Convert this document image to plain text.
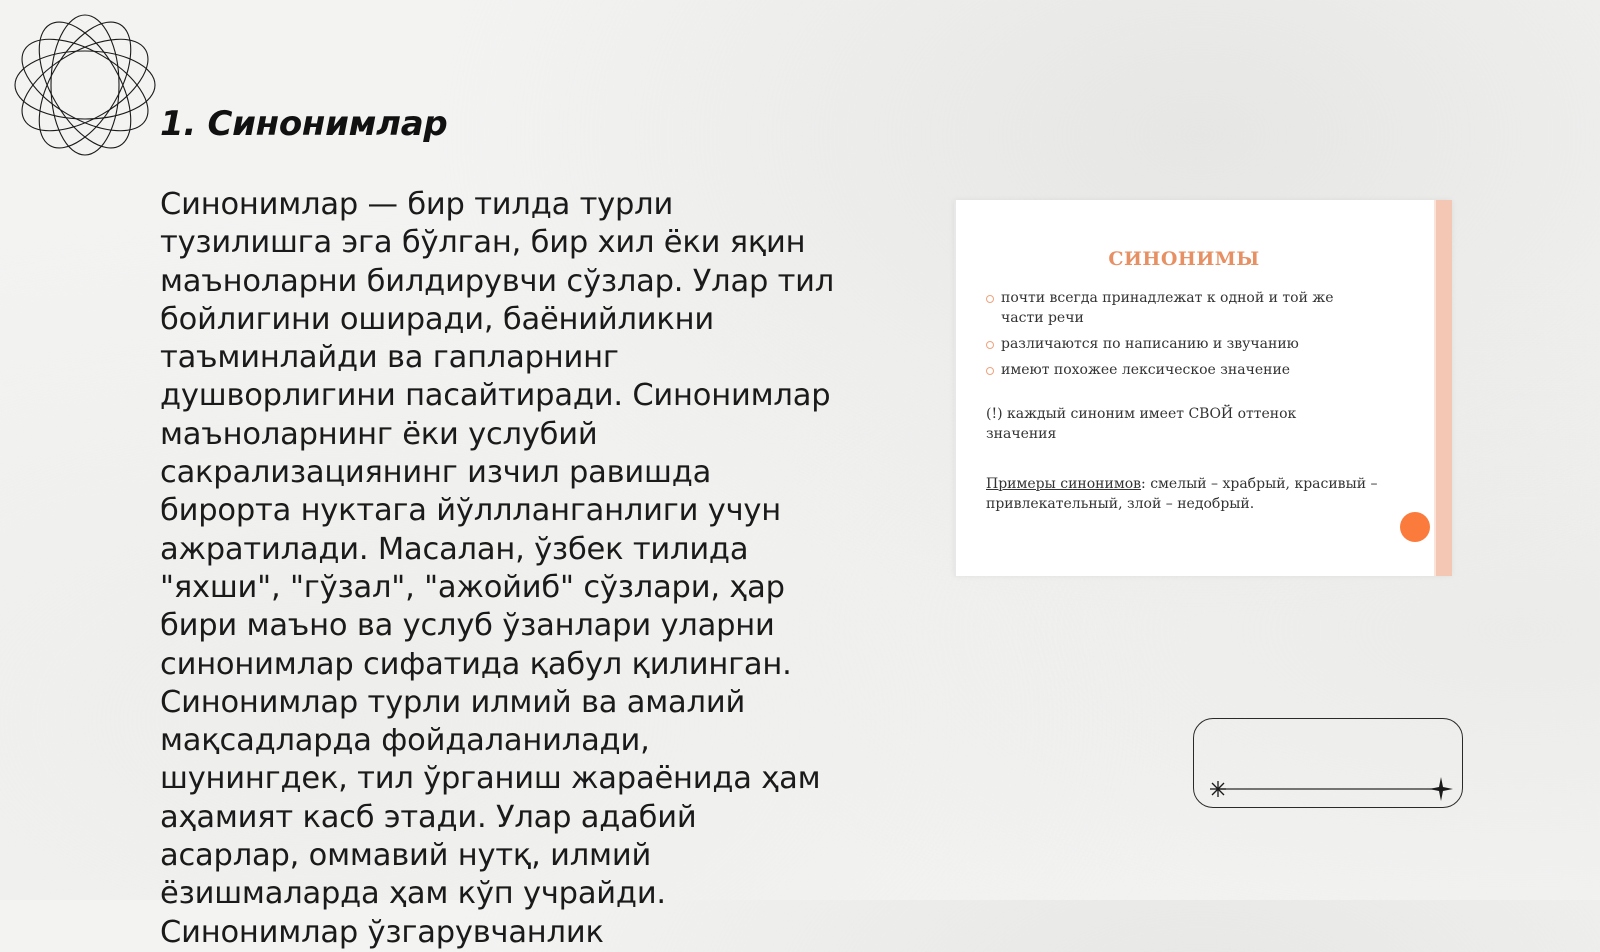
1. Синонимлар

Синонимлар — бир тилда турли тузилишга эга бўлган, бир хил ёки яқин маъноларни билдирувчи сўзлар. Улар тил бойлигини оширади, баёнийликни таъминлайди ва гапларнинг душворлигини пасайтиради. Синонимлар маъноларнинг ёки услубий сакрализациянинг изчил равишда бирорта нуктага йўллланганлиги учун ажратилади. Масалан, ўзбек тилида "яхши", "гўзал", "ажойиб" сўзлари, ҳар бири маъно ва услуб ўзанлари уларни синонимлар сифатида қабул қилинган. Синонимлар турли илмий ва амалий мақсадларда фойдаланилади, шунингдек, тил ўрганиш жараёнида ҳам аҳамият касб этади. Улар адабий асарлар, оммавий нутқ, илмий ёзишмаларда ҳам кўп учрайди. Синонимлар ўзгарувчанлик

СИНОНИМЫ
почти всегда принадлежат к одной и той же части речи
различаются по написанию и звучанию
имеют похожее лексическое значение

(!) каждый синоним имеет СВОЙ оттенок значения

Примеры синонимов: смелый – храбрый, красивый – привлекательный, злой – недобрый.
